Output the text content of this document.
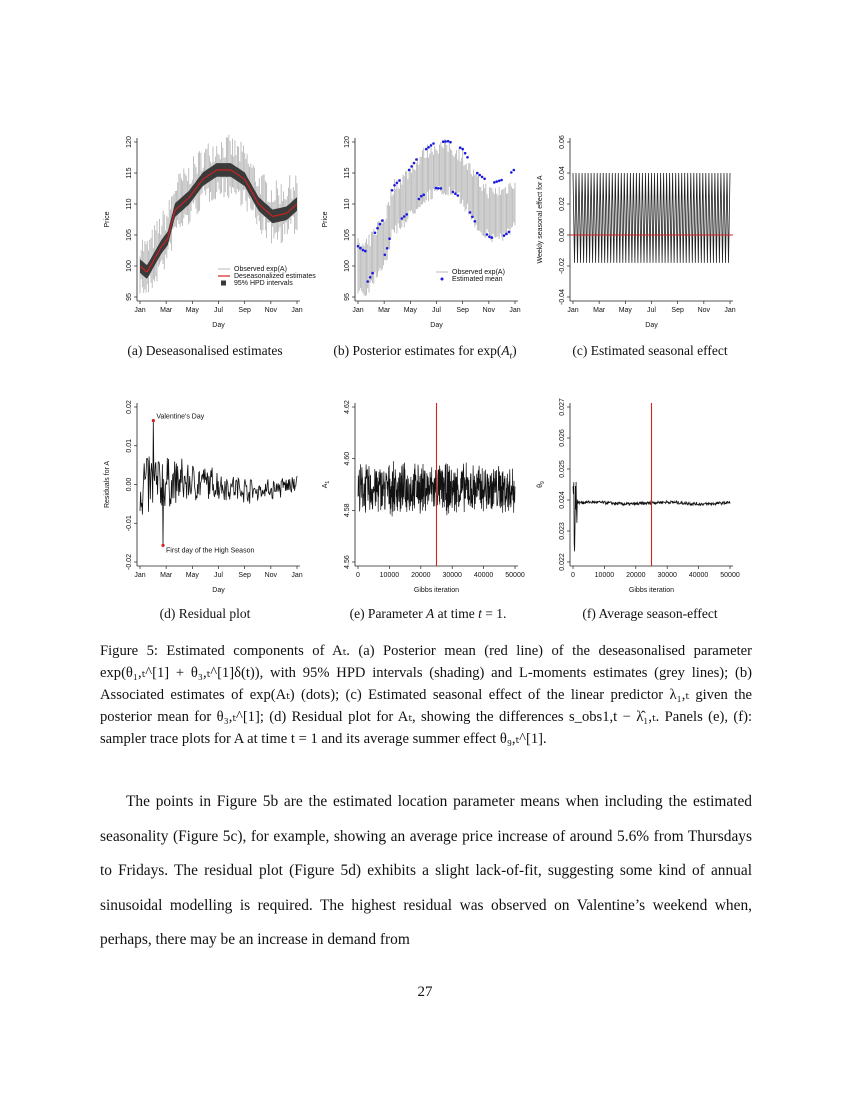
95
100
105
110
115
120
Jan Mar May Jul Sep Nov Jan
Day
Price
Observed exp(A)
Deseasonalized estimates
95% HPD intervals
95
100
105
110
115
120
Jan Mar May Jul Sep Nov Jan
Day
Price
Observed exp(A)
Estimated mean
-0.04
-0.02
0.00
0.02
0.04
0.06
Jan Mar May Jul Sep Nov Jan
Day
Weekly seasonal effect for A
(a) Deseasonalised estimates	(b) Posterior estimates for $\exp(A_t)$	(c) Estimated seasonal effect
-0.02
-0.01
0.00
0.01
0.02
Jan Mar May Jul Sep Nov Jan
Day
Residuals for A
Valentine's Day
First day of the High Season
4.56
4.58
4.60
4.62
0	10000 20000 30000 40000 50000
Gibbs iteration
$A_1$
0.022
0.023
0.024
0.025
0.026
0.027
0	10000 20000 30000 40000 50000
Gibbs iteration
$\theta_9$
(d) Residual plot	(e) Parameter A at time t = 1.	(f) Average season-effect
Figure 5: Estimated components of Aₜ. (a) Posterior mean (red line) of the deseasonalised parameter exp(θ₁,ₜ^[1] + θ₃,ₜ^[1]δ(t)), with 95% HPD intervals (shading) and L-moments estimates (grey lines); (b) Associated estimates of exp(Aₜ) (dots); (c) Estimated seasonal effect of the linear predictor λ₁,ₜ given the posterior mean for θ₃,ₜ^[1]; (d) Residual plot for Aₜ, showing the differences s_obs1,t − λ̂₁,ₜ. Panels (e), (f): sampler trace plots for A at time t = 1 and its average summer effect θ₉,ₜ^[1].

The points in Figure 5b are the estimated location parameter means when including the estimated seasonality (Figure 5c), for example, showing an average price increase of around 5.6% from Thursdays to Fridays. The residual plot (Figure 5d) exhibits a slight lack-of-fit, suggesting some kind of annual sinusoidal modelling is required. The highest residual was observed on Valentine’s weekend when, perhaps, there may be an increase in demand from

27
